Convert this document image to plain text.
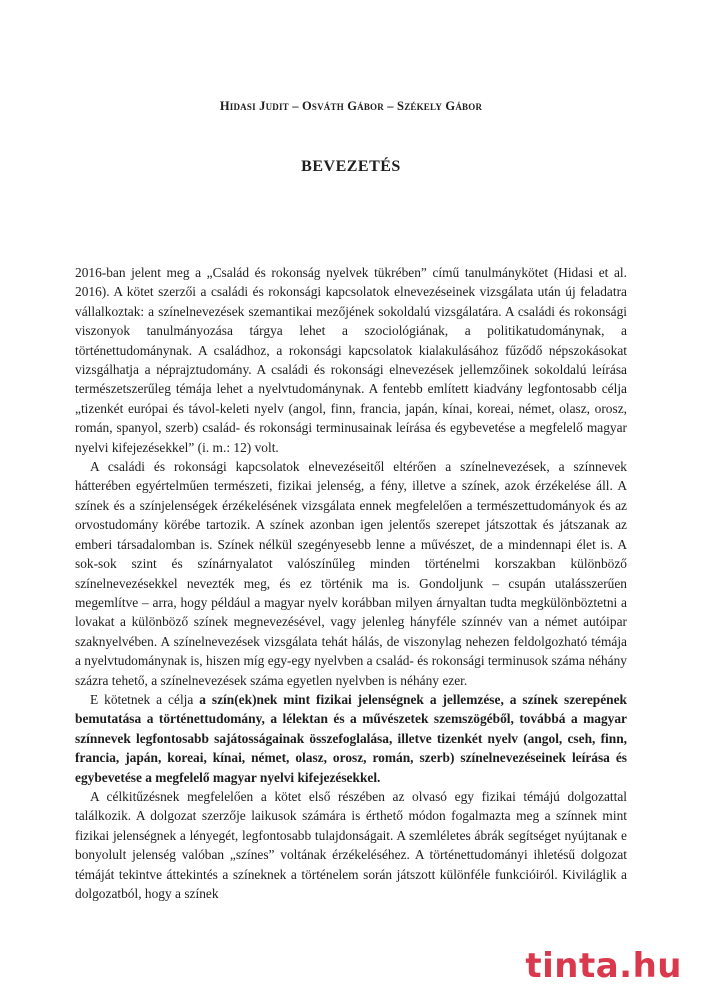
Hidasi Judit – Osváth Gábor – Székely Gábor
BEVEZETÉS

2016-ban jelent meg a „Család és rokonság nyelvek tükrében” című tanulmánykötet (Hidasi et al. 2016). A kötet szerzői a családi és rokonsági kapcsolatok elnevezéseinek vizsgálata után új feladatra vállalkoztak: a színelnevezések szemantikai mezőjének sokoldalú vizsgálatára. A családi és rokonsági viszonyok tanulmányozása tárgya lehet a szociológiának, a politikatudománynak, a történettudománynak. A családhoz, a rokonsági kapcsolatok kialakulásához fűződő népszokásokat vizsgálhatja a néprajztudomány. A családi és rokonsági elnevezések jellemzőinek sokoldalú leírása természetszerűleg témája lehet a nyelvtudománynak. A fentebb említett kiadvány legfontosabb célja „tizenkét európai és távol-keleti nyelv (angol, finn, francia, japán, kínai, koreai, német, olasz, orosz, román, spanyol, szerb) család- és rokonsági terminusainak leírása és egybevetése a megfelelő magyar nyelvi kifejezésekkel” (i. m.: 12) volt.

A családi és rokonsági kapcsolatok elnevezéseitől eltérően a színelnevezések, a színnevek hátterében egyértelműen természeti, fizikai jelenség, a fény, illetve a színek, azok érzékelése áll. A színek és a színjelenségek érzékelésének vizsgálata ennek megfelelően a természettudományok és az orvostudomány körébe tartozik. A színek azonban igen jelentős szerepet játszottak és játszanak az emberi társadalomban is. Színek nélkül szegényesebb lenne a művészet, de a mindennapi élet is. A sok-sok szint és színárnyalatot valószínűleg minden történelmi korszakban különböző színelnevezésekkel nevezték meg, és ez történik ma is. Gondoljunk – csupán utalásszerűen megemlítve – arra, hogy például a magyar nyelv korábban milyen árnyaltan tudta megkülönböztetni a lovakat a különböző színek megnevezésével, vagy jelenleg hányféle színnév van a német autóipar szaknyelvében. A színelnevezések vizsgálata tehát hálás, de viszonylag nehezen feldolgozható témája a nyelvtudománynak is, hiszen míg egy-egy nyelvben a család- és rokonsági terminusok száma néhány százra tehető, a színelnevezések száma egyetlen nyelvben is néhány ezer.

E kötetnek a célja a szín(ek)nek mint fizikai jelenségnek a jellemzése, a színek szerepének bemutatása a történettudomány, a lélektan és a művészetek szemszögéből, továbbá a magyar színnevek legfontosabb sajátosságainak összefoglalása, illetve tizenkét nyelv (angol, cseh, finn, francia, japán, koreai, kínai, német, olasz, orosz, román, szerb) színelnevezéseinek leírása és egybevetése a megfelelő magyar nyelvi kifejezésekkel.

A célkitűzésnek megfelelően a kötet első részében az olvasó egy fizikai témájú dolgozattal találkozik. A dolgozat szerzője laikusok számára is érthető módon fogalmazta meg a színnek mint fizikai jelenségnek a lényegét, legfontosabb tulajdonságait. A szemléletes ábrák segítséget nyújtanak e bonyolult jelenség valóban „színes” voltának érzékeléséhez. A történettudományi ihletésű dolgozat témáját tekintve áttekintés a színeknek a történelem során játszott különféle funkcióiról. Kiviláglik a dolgozatból, hogy a színek

tinta.hu
